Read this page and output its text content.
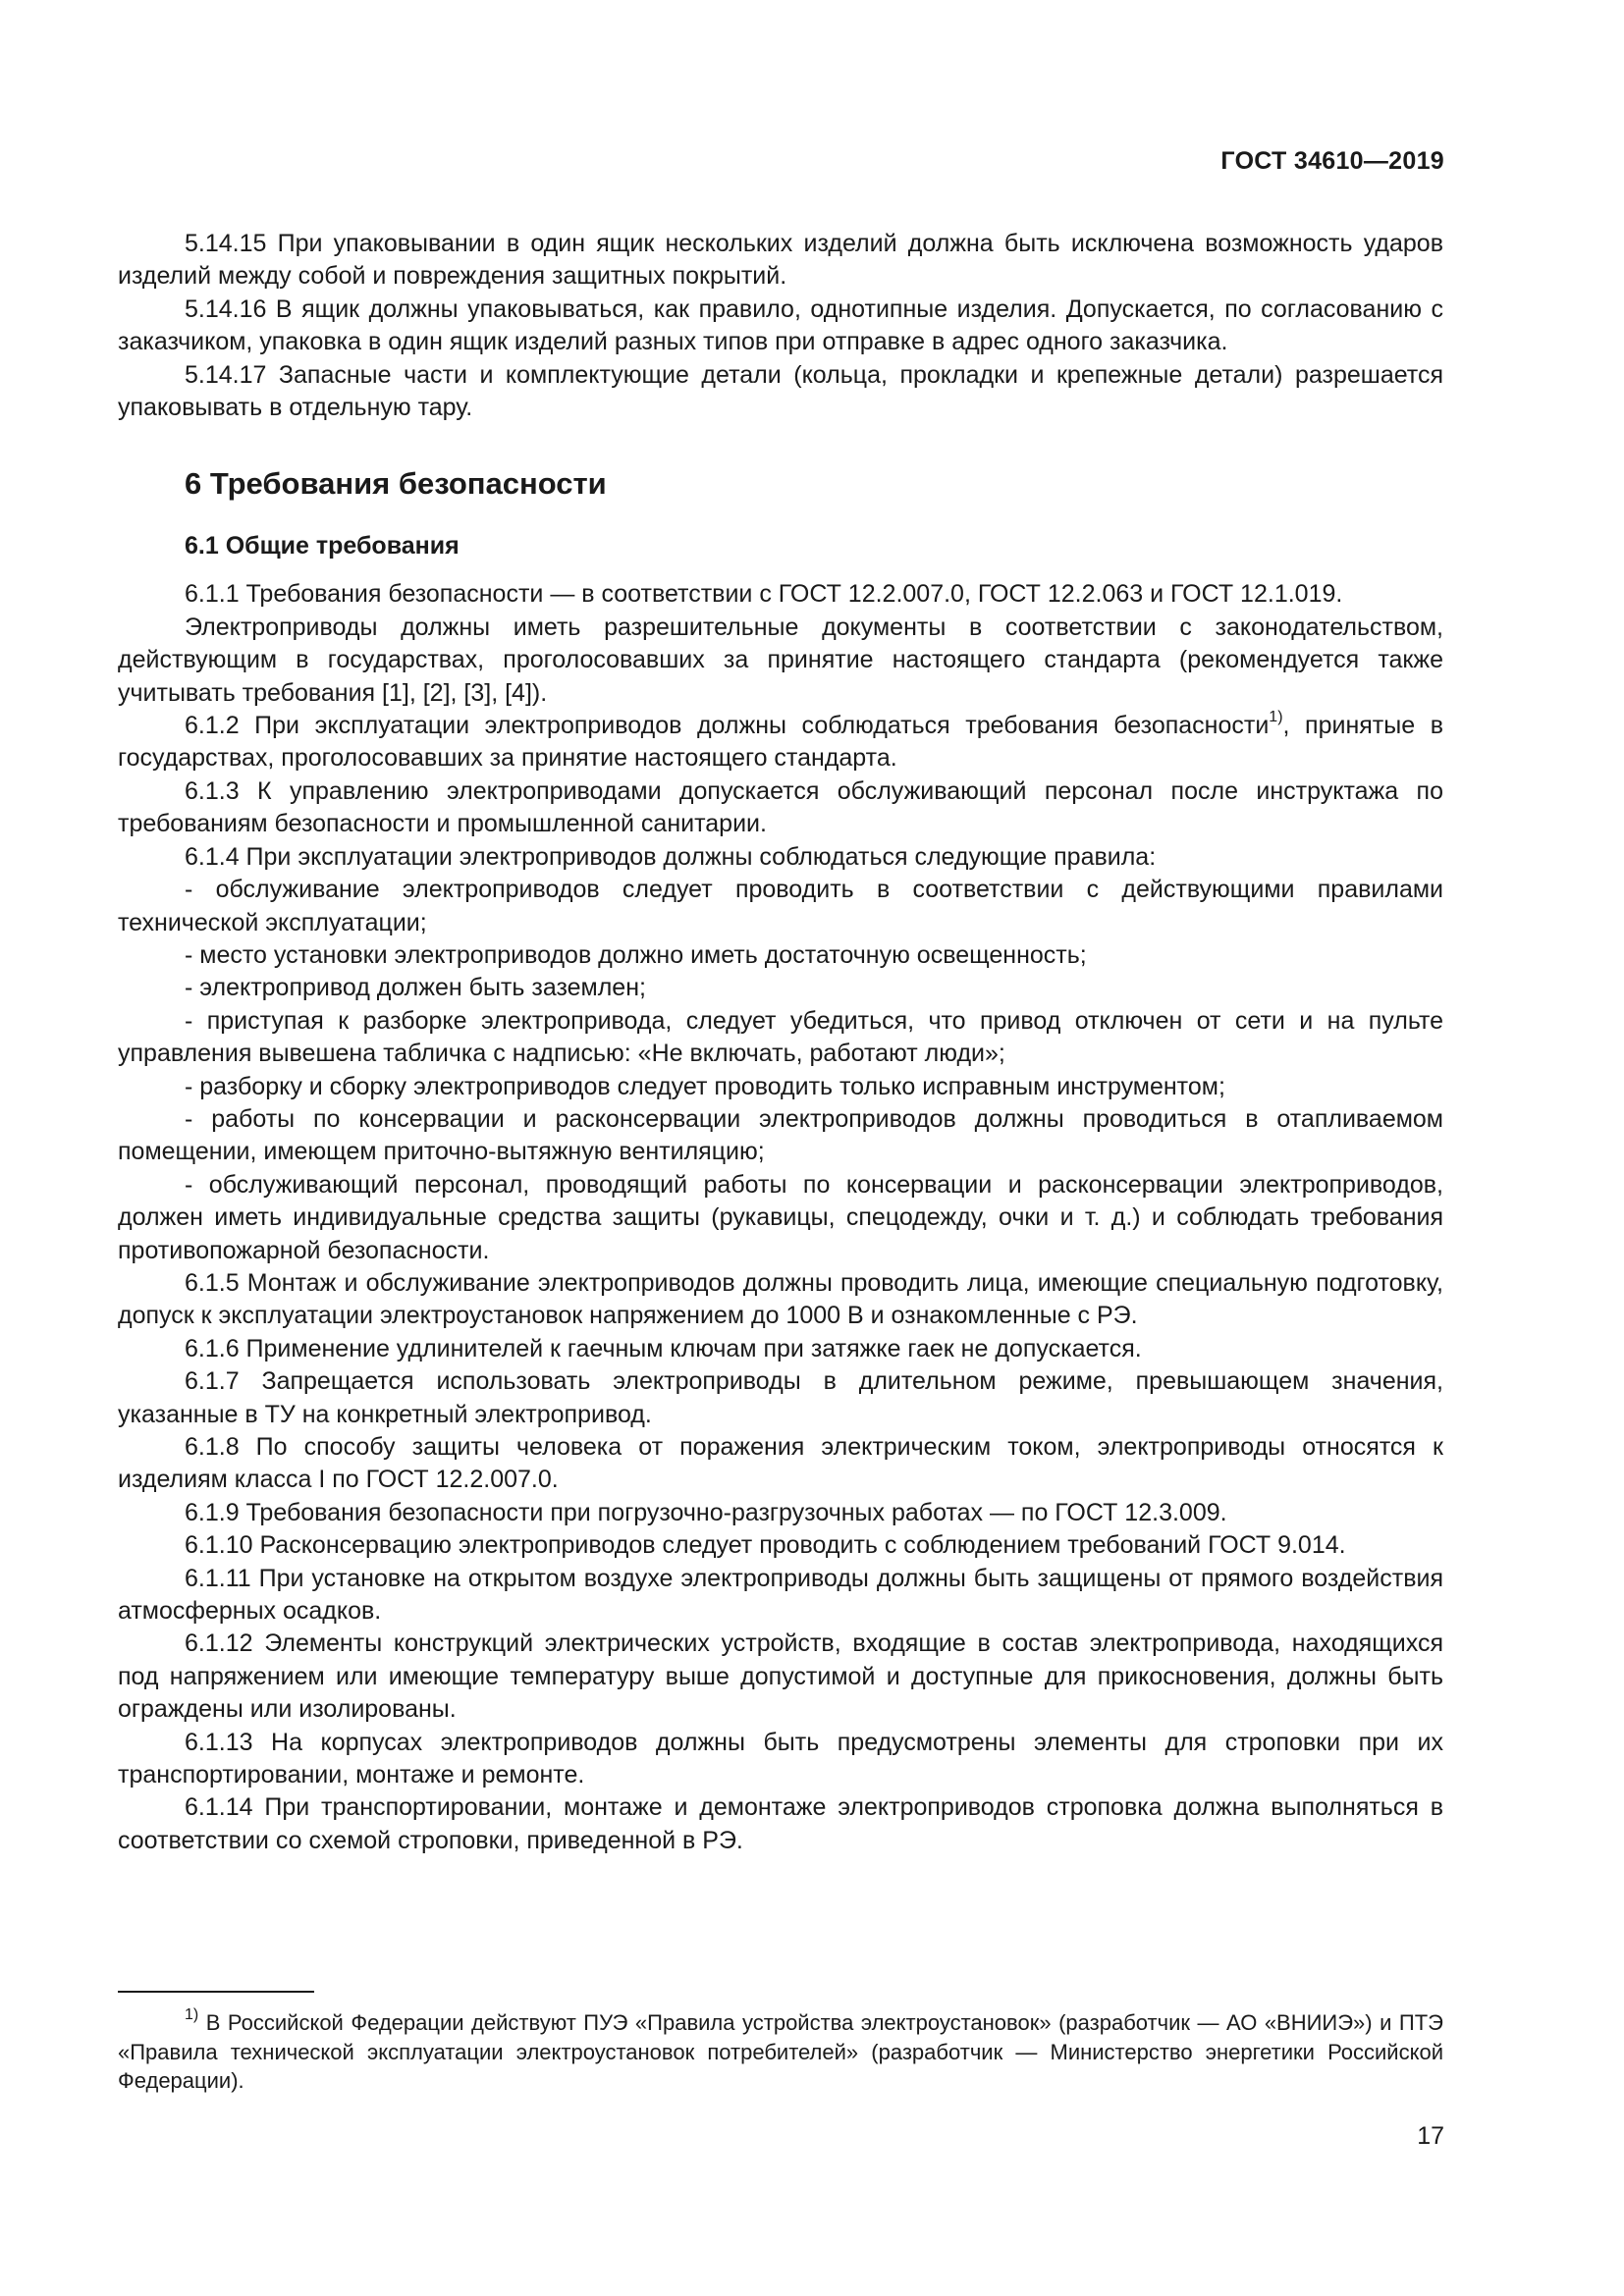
ГОСТ 34610—2019

5.14.15 При упаковывании в один ящик нескольких изделий должна быть исключена возможность ударов изделий между собой и повреждения защитных покрытий.

5.14.16 В ящик должны упаковываться, как правило, однотипные изделия. Допускается, по согласованию с заказчиком, упаковка в один ящик изделий разных типов при отправке в адрес одного заказчика.

5.14.17 Запасные части и комплектующие детали (кольца, прокладки и крепежные детали) разрешается упаковывать в отдельную тару.

6 Требования безопасности
6.1 Общие требования

6.1.1 Требования безопасности — в соответствии с ГОСТ 12.2.007.0, ГОСТ 12.2.063 и ГОСТ 12.1.019.

Электроприводы должны иметь разрешительные документы в соответствии с законодательством, действующим в государствах, проголосовавших за принятие настоящего стандарта (рекомендуется также учитывать требования [1], [2], [3], [4]).

6.1.2 При эксплуатации электроприводов должны соблюдаться требования безопасности$^{1)}$, принятые в государствах, проголосовавших за принятие настоящего стандарта.

6.1.3 К управлению электроприводами допускается обслуживающий персонал после инструктажа по требованиям безопасности и промышленной санитарии.

6.1.4 При эксплуатации электроприводов должны соблюдаться следующие правила:

- обслуживание электроприводов следует проводить в соответствии с действующими правилами технической эксплуатации;

- место установки электроприводов должно иметь достаточную освещенность;

- электропривод должен быть заземлен;

- приступая к разборке электропривода, следует убедиться, что привод отключен от сети и на пульте управления вывешена табличка с надписью: «Не включать, работают люди»;

- разборку и сборку электроприводов следует проводить только исправным инструментом;

- работы по консервации и расконсервации электроприводов должны проводиться в отапливаемом помещении, имеющем приточно-вытяжную вентиляцию;

- обслуживающий персонал, проводящий работы по консервации и расконсервации электроприводов, должен иметь индивидуальные средства защиты (рукавицы, спецодежду, очки и т. д.) и соблюдать требования противопожарной безопасности.

6.1.5 Монтаж и обслуживание электроприводов должны проводить лица, имеющие специальную подготовку, допуск к эксплуатации электроустановок напряжением до 1000 В и ознакомленные с РЭ.

6.1.6 Применение удлинителей к гаечным ключам при затяжке гаек не допускается.

6.1.7 Запрещается использовать электроприводы в длительном режиме, превышающем значения, указанные в ТУ на конкретный электропривод.

6.1.8 По способу защиты человека от поражения электрическим током, электроприводы относятся к изделиям класса I по ГОСТ 12.2.007.0.

6.1.9 Требования безопасности при погрузочно-разгрузочных работах — по ГОСТ 12.3.009.

6.1.10 Расконсервацию электроприводов следует проводить с соблюдением требований ГОСТ 9.014.

6.1.11 При установке на открытом воздухе электроприводы должны быть защищены от прямого воздействия атмосферных осадков.

6.1.12 Элементы конструкций электрических устройств, входящие в состав электропривода, находящихся под напряжением или имеющие температуру выше допустимой и доступные для прикосновения, должны быть ограждены или изолированы.

6.1.13 На корпусах электроприводов должны быть предусмотрены элементы для строповки при их транспортировании, монтаже и ремонте.

6.1.14 При транспортировании, монтаже и демонтаже электроприводов строповка должна выполняться в соответствии со схемой строповки, приведенной в РЭ.

$^{1)}$ В Российской Федерации действуют ПУЭ «Правила устройства электроустановок» (разработчик — АО «ВНИИЭ») и ПТЭ «Правила технической эксплуатации электроустановок потребителей» (разработчик — Министерство энергетики Российской Федерации).

17
